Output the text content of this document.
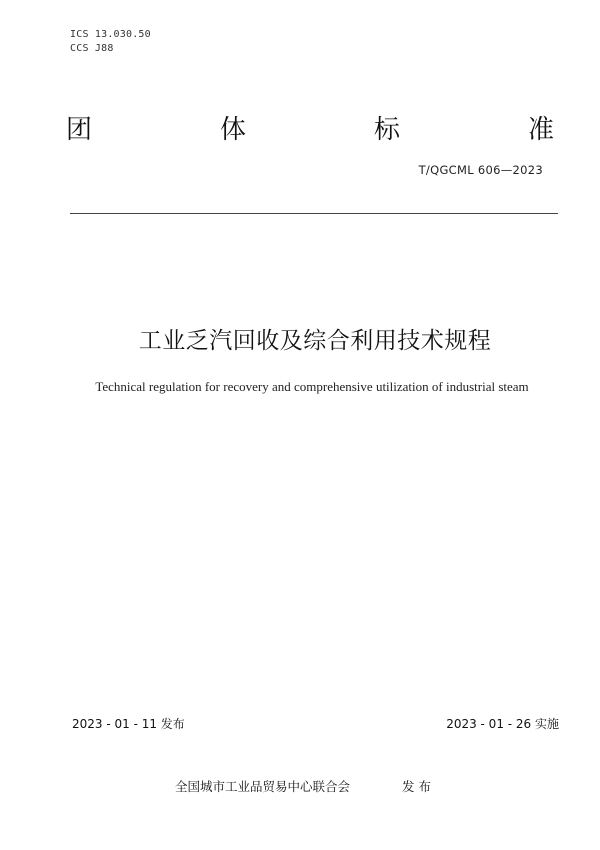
ICS 13.030.50
CCS J88
团	体	标	准
T/QGCML 606—2023
工业乏汽回收及综合利用技术规程
Technical regulation for recovery and comprehensive utilization of industrial steam
2023 - 01 - 11 发布	2023 - 01 - 26 实施
全国城市工业品贸易中心联合会	发 布
